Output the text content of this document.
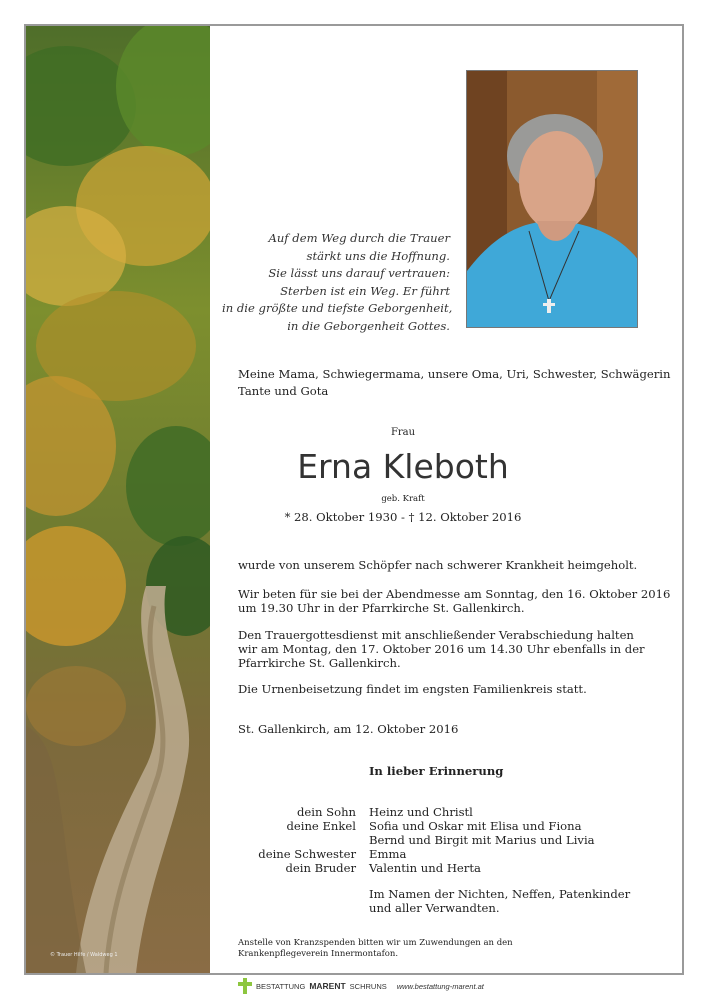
Auf dem Weg durch die Trauer
stärkt uns die Hoffnung.
Sie lässt uns darauf vertrauen:
Sterben ist ein Weg. Er führt
in die größte und tiefste Geborgenheit,
in die Geborgenheit Gottes.
Meine Mama, Schwiegermama, unsere Oma, Uri, Schwester, Schwägerin
Tante und Gota
Frau
Erna Kleboth
geb. Kraft
* 28. Oktober 1930 - † 12. Oktober 2016
wurde von unserem Schöpfer nach schwerer Krankheit heimgeholt.
Wir beten für sie bei der Abendmesse am Sonntag, den 16. Oktober 2016
um 19.30 Uhr in der Pfarrkirche St. Gallenkirch.
Den Trauergottesdienst mit anschließender Verabschiedung halten
wir am Montag, den 17. Oktober 2016 um 14.30 Uhr ebenfalls in der
Pfarrkirche St. Gallenkirch.
Die Urnenbeisetzung findet im engsten Familienkreis statt.
St. Gallenkirch, am 12. Oktober 2016
In lieber Erinnerung
dein Sohn
deine Enkel

deine Schwester
dein Bruder
Heinz und Christl
Sofia und Oskar mit Elisa und Fiona
Bernd und Birgit mit Marius und Livia
Emma
Valentin und Herta
Im Namen der Nichten, Neffen, Patenkinder
und aller Verwandten.
Anstelle von Kranzspenden bitten wir um Zuwendungen an den
Krankenpflegeverein Innermontafon.
© Trauer Hilfe / Waldweg 1
BESTATTUNG MARENT SCHRUNS www.bestattung-marent.at
